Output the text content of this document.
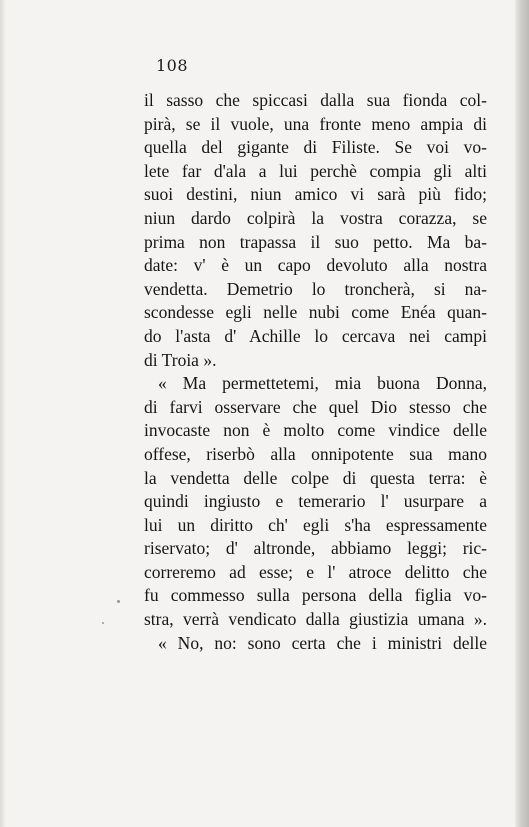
108
il sasso che spiccasi dalla sua fionda col-
pirà, se il vuole, una fronte meno ampia di
quella del gigante di Filiste. Se voi vo-
lete far d'ala a lui perchè compia gli alti
suoi destini, niun amico vi sarà più fido;
niun dardo colpirà la vostra corazza, se
prima non trapassa il suo petto. Ma ba-
date: v' è un capo devoluto alla nostra
vendetta. Demetrio lo troncherà, si na-
scondesse egli nelle nubi come Enéa quan-
do l'asta d' Achille lo cercava nei campi
di Troia ».
« Ma permettetemi, mia buona Donna,
di farvi osservare che quel Dio stesso che
invocaste non è molto come vindice delle
offese, riserbò alla onnipotente sua mano
la vendetta delle colpe di questa terra: è
quindi ingiusto e temerario l' usurpare a
lui un diritto ch' egli s'ha espressamente
riservato; d' altronde, abbiamo leggi; ric-
correremo ad esse; e l' atroce delitto che
fu commesso sulla persona della figlia vo-
stra, verrà vendicato dalla giustizia umana ».
« No, no: sono certa che i ministri delle
